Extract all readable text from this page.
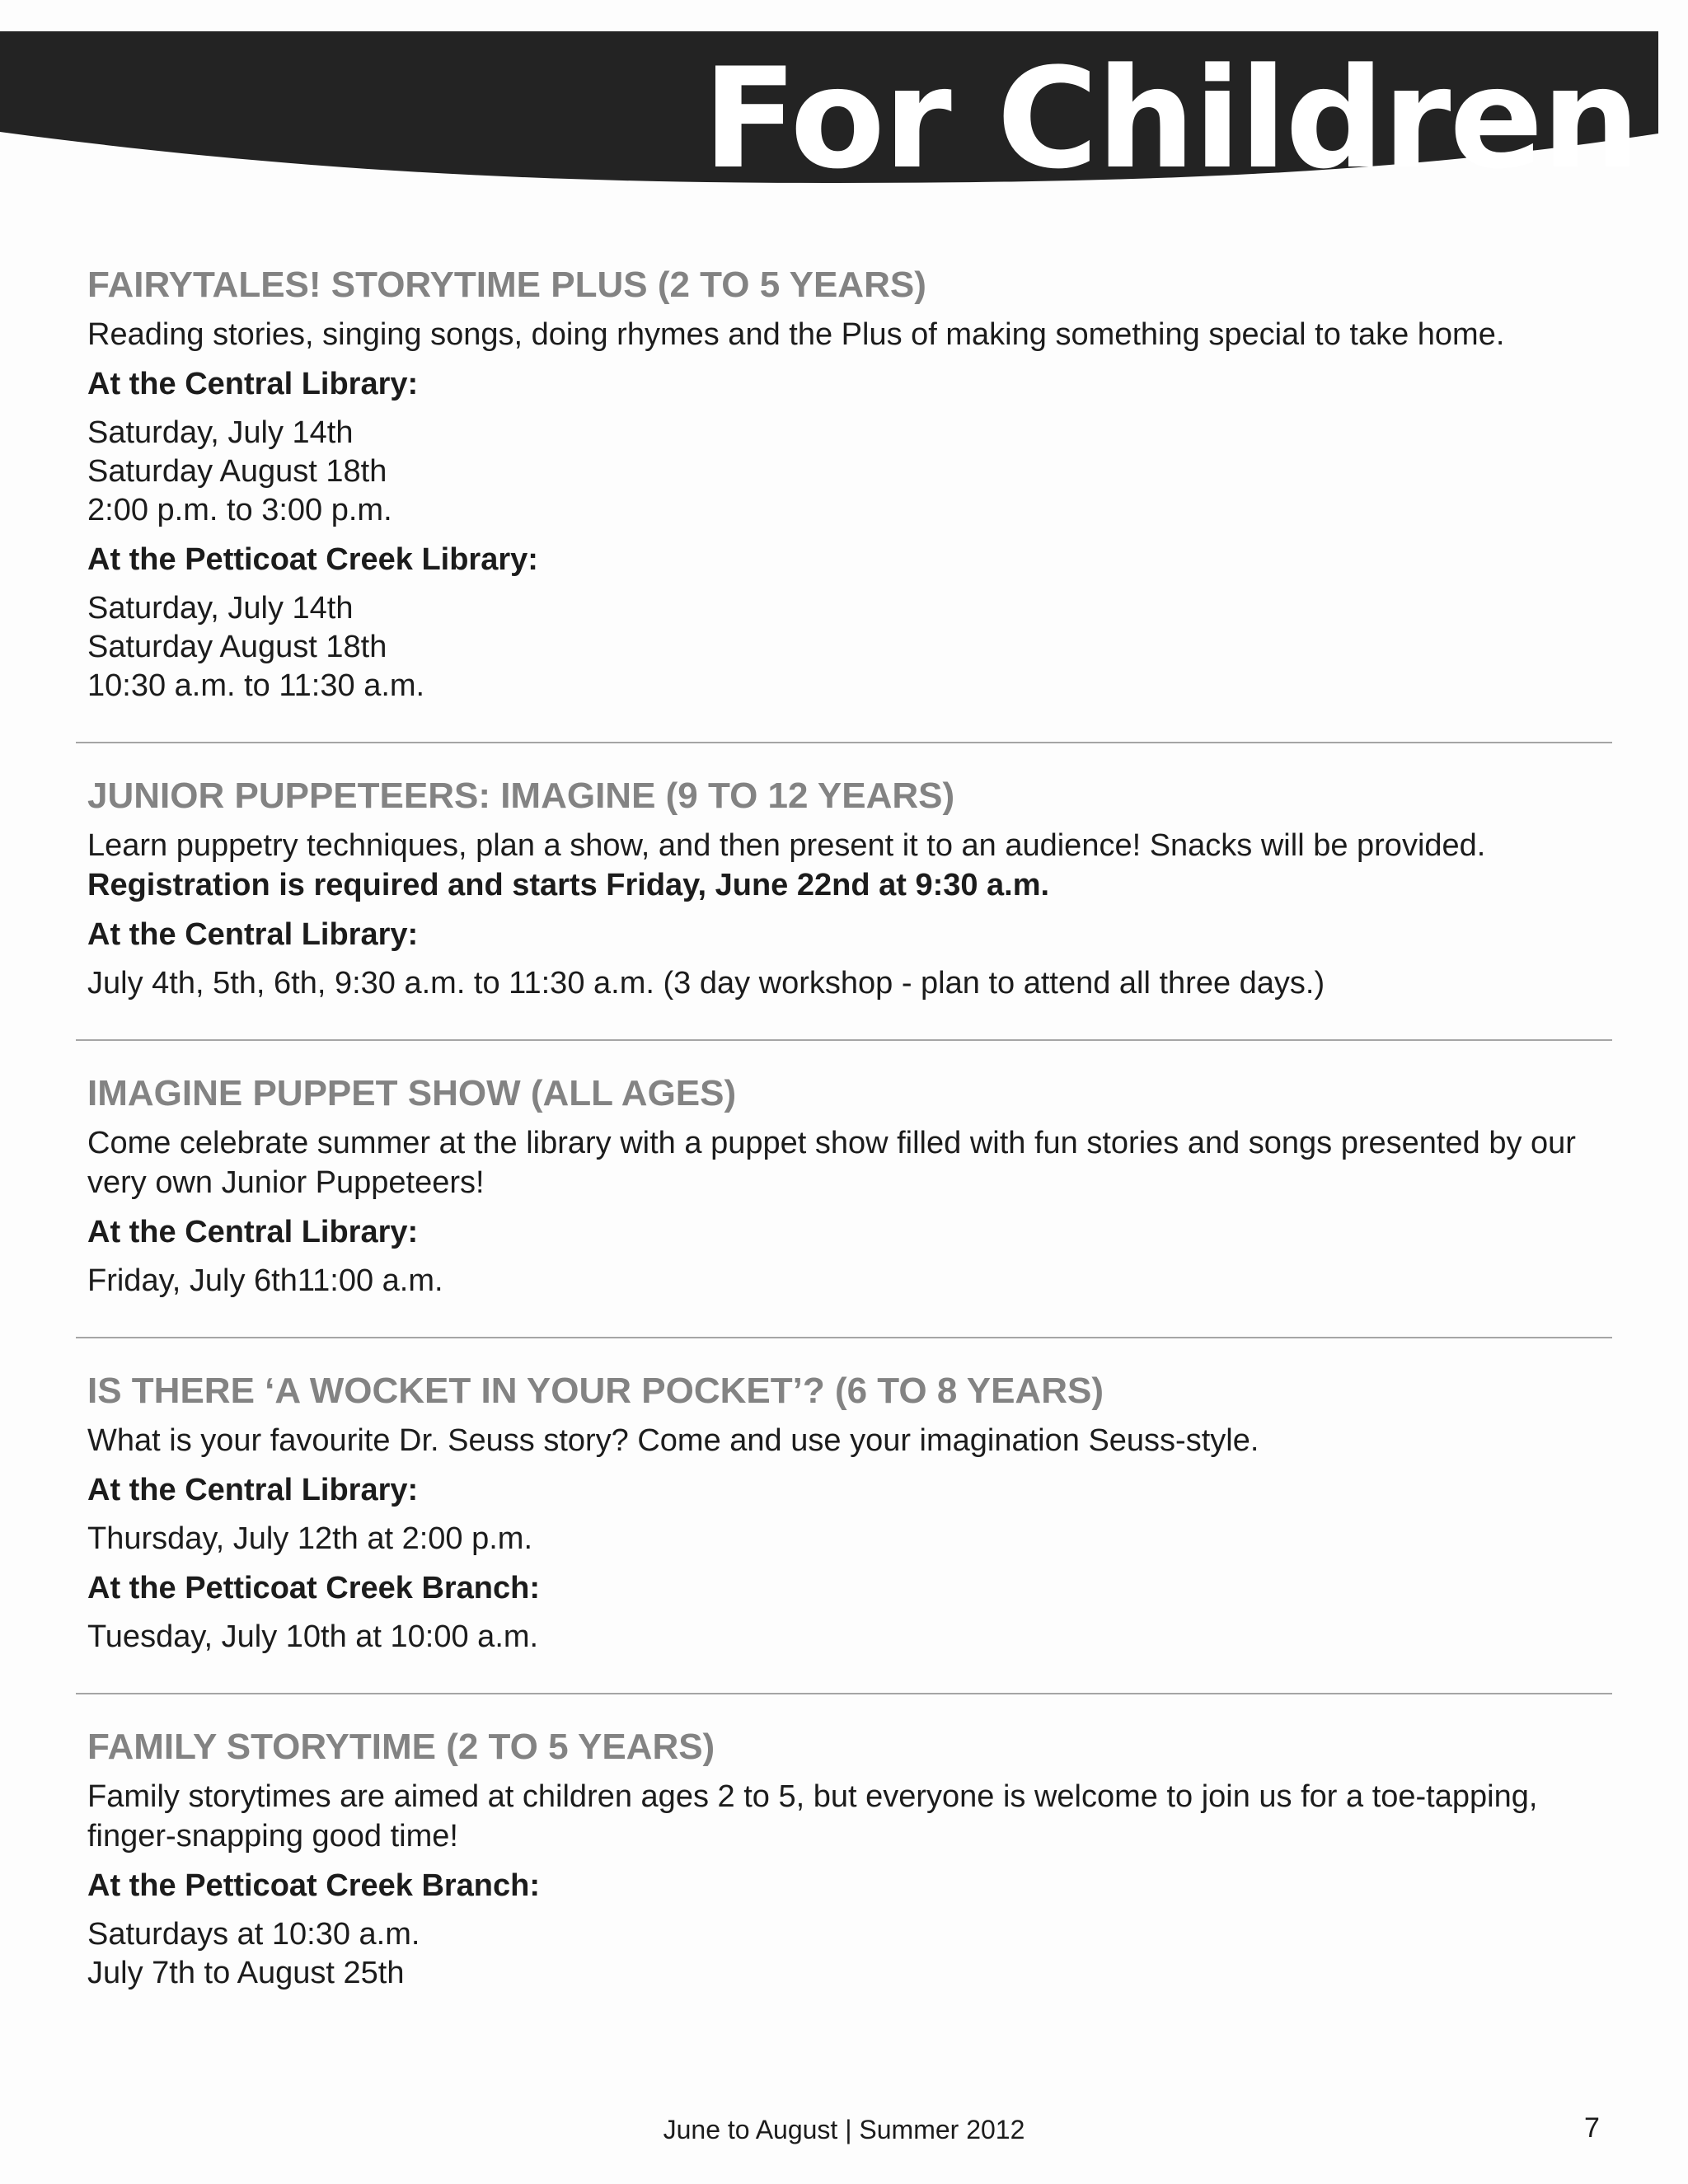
For Children
FAIRYTALES! STORYTIME PLUS (2 TO 5 YEARS)

Reading stories, singing songs, doing rhymes and the Plus of making something special to take home.

At the Central Library:

Saturday, July 14th
Saturday August 18th
2:00 p.m. to 3:00 p.m.

At the Petticoat Creek Library:

Saturday, July 14th
Saturday August 18th
10:30 a.m. to 11:30 a.m.
JUNIOR PUPPETEERS: IMAGINE (9 TO 12 YEARS)

Learn puppetry techniques, plan a show, and then present it to an audience! Snacks will be provided.
Registration is required and starts Friday, June 22nd at 9:30 a.m.

At the Central Library:

July 4th, 5th, 6th, 9:30 a.m. to 11:30 a.m. (3 day workshop - plan to attend all three days.)
IMAGINE PUPPET SHOW (ALL AGES)

Come celebrate summer at the library with a puppet show filled with fun stories and songs presented by our very own Junior Puppeteers!

At the Central Library:

Friday, July 6th11:00 a.m.
IS THERE ‘A WOCKET IN YOUR POCKET’? (6 TO 8 YEARS)

What is your favourite Dr. Seuss story? Come and use your imagination Seuss-style.

At the Central Library:

Thursday, July 12th at 2:00 p.m.

At the Petticoat Creek Branch:

Tuesday, July 10th at 10:00 a.m.
FAMILY STORYTIME (2 TO 5 YEARS)

Family storytimes are aimed at children ages 2 to 5, but everyone is welcome to join us for a toe-tapping, finger-snapping good time!

At the Petticoat Creek Branch:

Saturdays at 10:30 a.m.
July 7th to August 25th

June to August | Summer 2012	7
